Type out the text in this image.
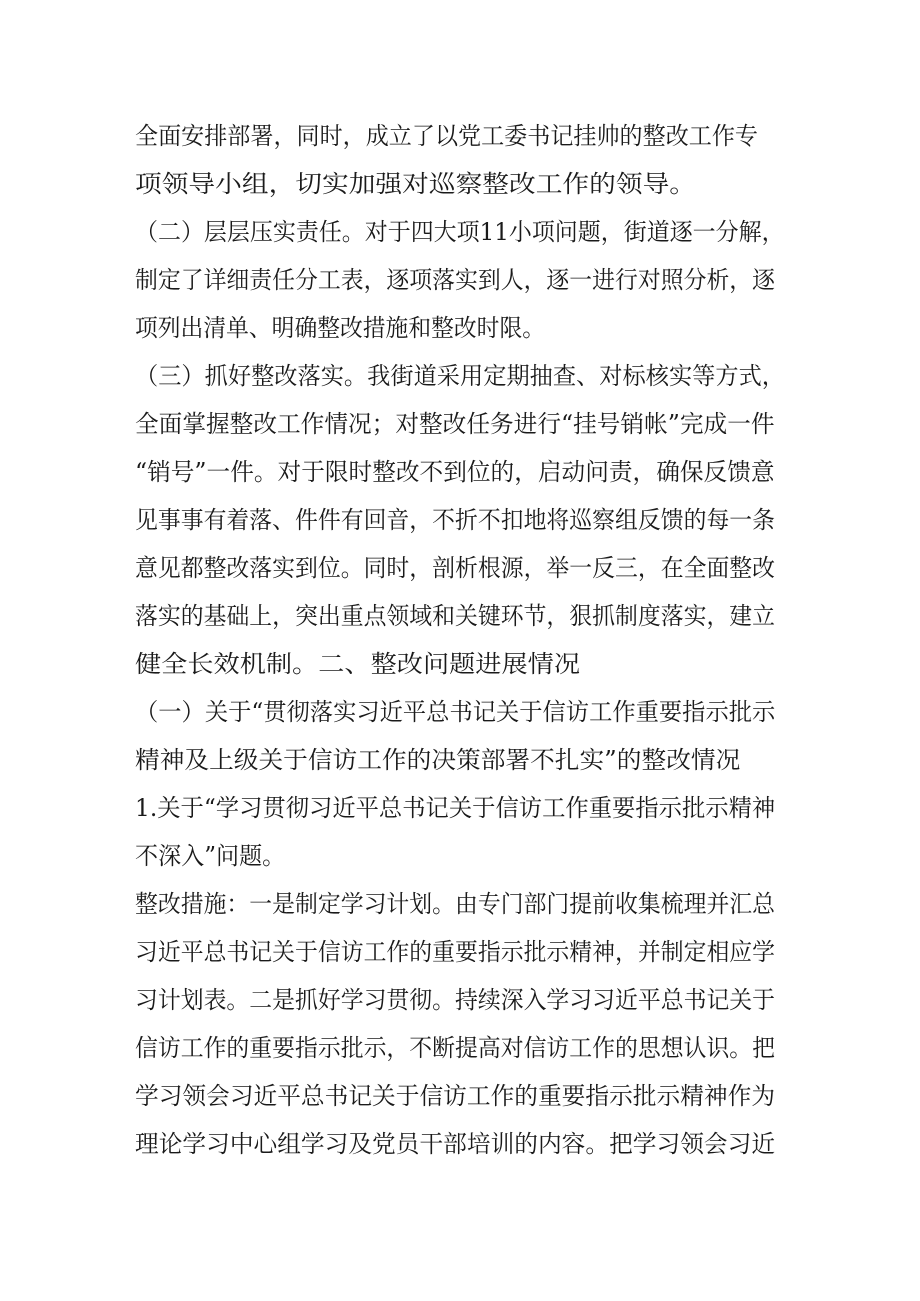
全面安排部署，同时，成立了以党工委书记挂帅的整改工作专
项领导小组，切实加强对巡察整改工作的领导。
（二）层层压实责任。对于四大项11小项问题，街道逐一分解，
制定了详细责任分工表，逐项落实到人，逐一进行对照分析，逐
项列出清单、明确整改措施和整改时限。
（三）抓好整改落实。我街道采用定期抽查、对标核实等方式，
全面掌握整改工作情况；对整改任务进行“挂号销帐”完成一件
“销号”一件。对于限时整改不到位的，启动问责，确保反馈意
见事事有着落、件件有回音，不折不扣地将巡察组反馈的每一条
意见都整改落实到位。同时，剖析根源，举一反三，在全面整改
落实的基础上，突出重点领域和关键环节，狠抓制度落实，建立
健全长效机制。二、整改问题进展情况
（一）关于“贯彻落实习近平总书记关于信访工作重要指示批示
精神及上级关于信访工作的决策部署不扎实”的整改情况
1.关于“学习贯彻习近平总书记关于信访工作重要指示批示精神
不深入”问题。
整改措施：一是制定学习计划。由专门部门提前收集梳理并汇总
习近平总书记关于信访工作的重要指示批示精神，并制定相应学
习计划表。二是抓好学习贯彻。持续深入学习习近平总书记关于
信访工作的重要指示批示，不断提高对信访工作的思想认识。把
学习领会习近平总书记关于信访工作的重要指示批示精神作为
理论学习中心组学习及党员干部培训的内容。把学习领会习近
